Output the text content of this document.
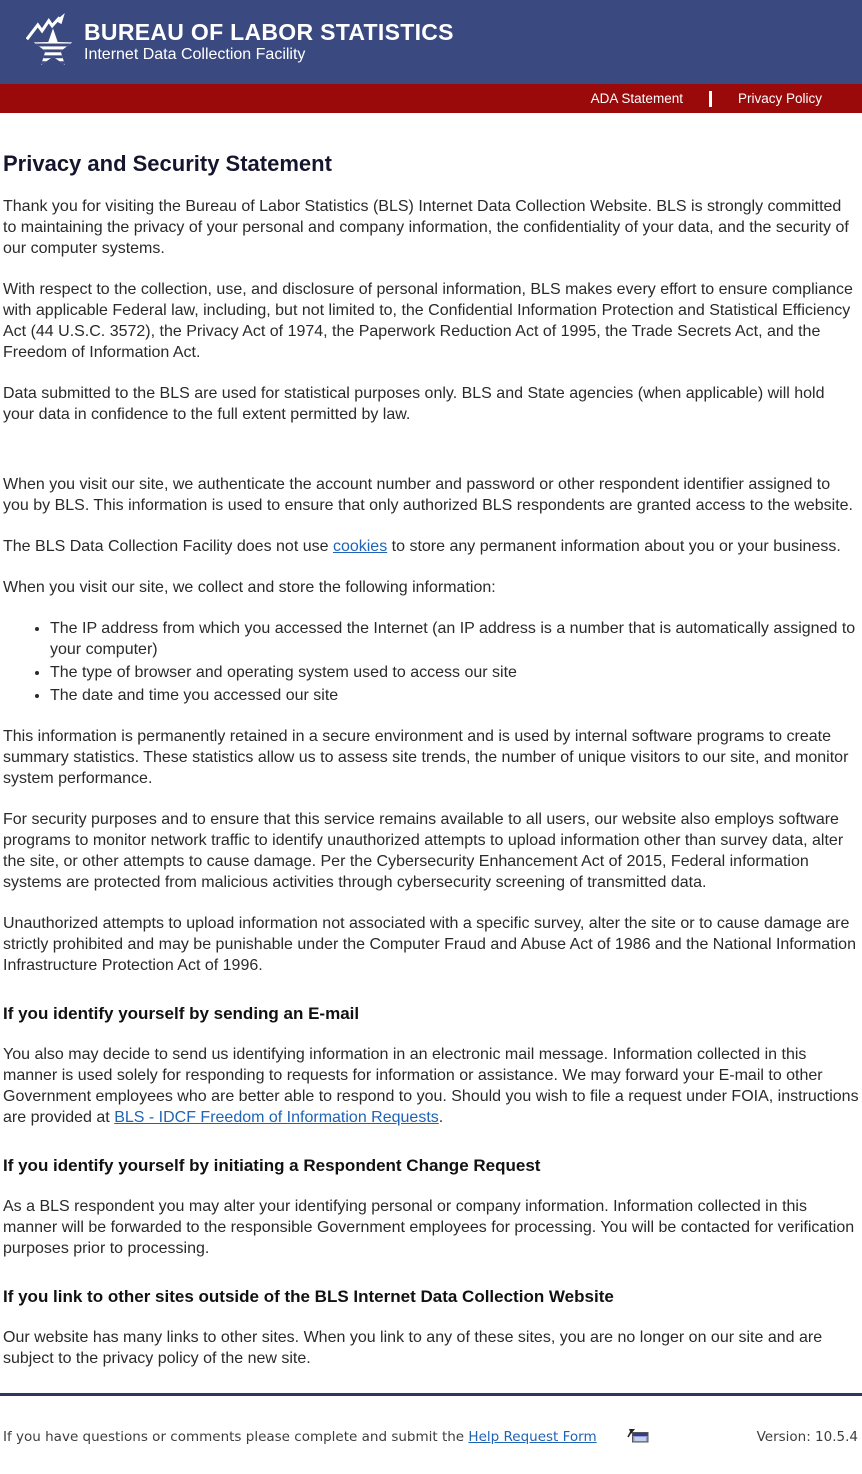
BUREAU OF LABOR STATISTICS
Internet Data Collection Facility
ADA Statement	Privacy Policy
Privacy and Security Statement

Thank you for visiting the Bureau of Labor Statistics (BLS) Internet Data Collection Website. BLS is strongly committed to maintaining the privacy of your personal and company information, the confidentiality of your data, and the security of our computer systems.

With respect to the collection, use, and disclosure of personal information, BLS makes every effort to ensure compliance with applicable Federal law, including, but not limited to, the Confidential Information Protection and Statistical Efficiency Act (44 U.S.C. 3572), the Privacy Act of 1974, the Paperwork Reduction Act of 1995, the Trade Secrets Act, and the Freedom of Information Act.

Data submitted to the BLS are used for statistical purposes only. BLS and State agencies (when applicable) will hold your data in confidence to the full extent permitted by law.

When you visit our site, we authenticate the account number and password or other respondent identifier assigned to you by BLS. This information is used to ensure that only authorized BLS respondents are granted access to the website.

The BLS Data Collection Facility does not use cookies to store any permanent information about you or your business.

When you visit our site, we collect and store the following information:

• The IP address from which you accessed the Internet (an IP address is a number that is automatically assigned to your computer)
• The type of browser and operating system used to access our site
• The date and time you accessed our site

This information is permanently retained in a secure environment and is used by internal software programs to create summary statistics. These statistics allow us to assess site trends, the number of unique visitors to our site, and monitor system performance.

For security purposes and to ensure that this service remains available to all users, our website also employs software programs to monitor network traffic to identify unauthorized attempts to upload information other than survey data, alter the site, or other attempts to cause damage. Per the Cybersecurity Enhancement Act of 2015, Federal information systems are protected from malicious activities through cybersecurity screening of transmitted data.

Unauthorized attempts to upload information not associated with a specific survey, alter the site or to cause damage are strictly prohibited and may be punishable under the Computer Fraud and Abuse Act of 1986 and the National Information Infrastructure Protection Act of 1996.

If you identify yourself by sending an E-mail

You also may decide to send us identifying information in an electronic mail message. Information collected in this manner is used solely for responding to requests for information or assistance. We may forward your E-mail to other Government employees who are better able to respond to you. Should you wish to file a request under FOIA, instructions are provided at BLS - IDCF Freedom of Information Requests.

If you identify yourself by initiating a Respondent Change Request

As a BLS respondent you may alter your identifying personal or company information. Information collected in this manner will be forwarded to the responsible Government employees for processing. You will be contacted for verification purposes prior to processing.

If you link to other sites outside of the BLS Internet Data Collection Website

Our website has many links to other sites. When you link to any of these sites, you are no longer on our site and are subject to the privacy policy of the new site.

If you have questions or comments please complete and submit the Help Request Form

	Version: 10.5.4
